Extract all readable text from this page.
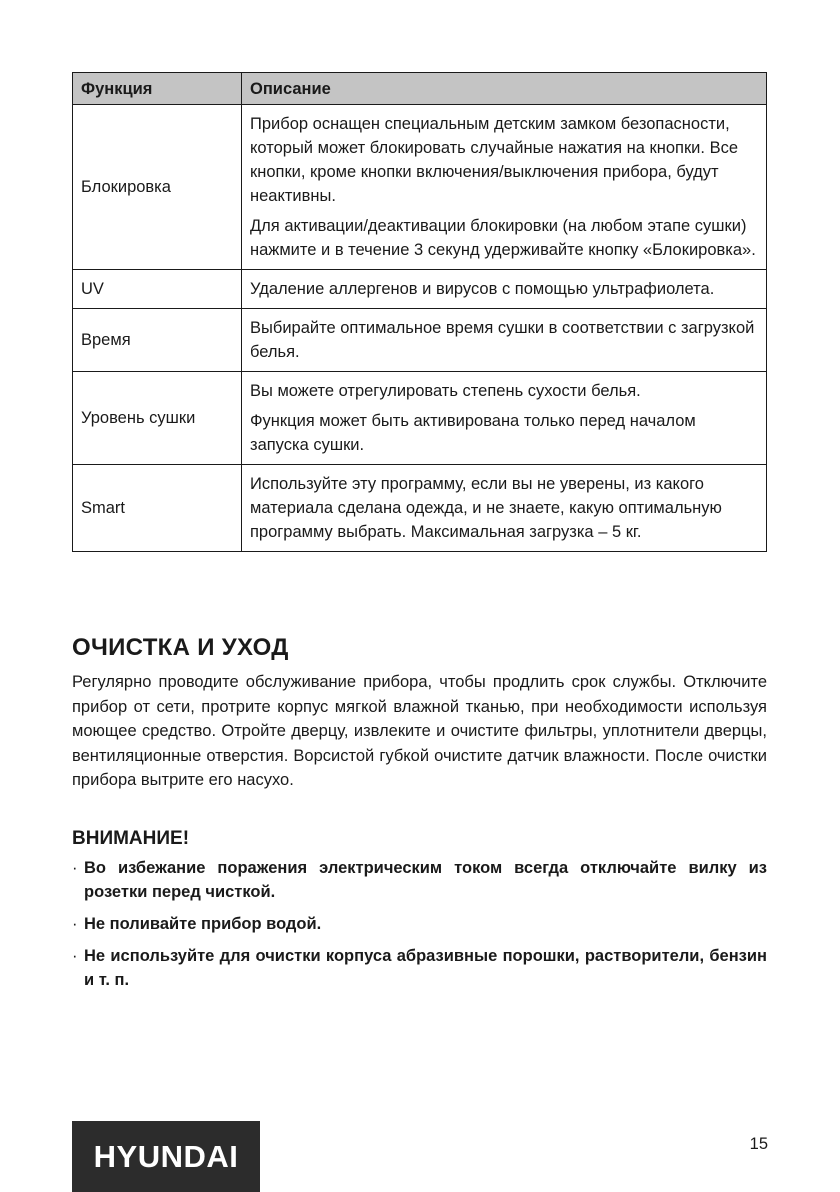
Функция	Описание
Блокировка	Прибор оснащен специальным детским замком безопасности, который может блокировать случайные нажатия на кнопки. Все кнопки, кроме кнопки включения/выключения прибора, будут неактивны.

Для активации/деактивации блокировки (на любом этапе сушки) нажмите и в течение 3 секунд удерживайте кнопку «Блокировка».

UV	Удаление аллергенов и вирусов с помощью ультрафиолета.

Время	Выбирайте оптимальное время сушки в соответствии с загрузкой белья.

Уровень сушки	Вы можете отрегулировать степень сухости белья.

Функция может быть активирована только перед началом запуска сушки.

Smart	Используйте эту программу, если вы не уверены, из какого материала сделана одежда, и не знаете, какую оптимальную программу выбрать. Максимальная загрузка – 5 кг.

ОЧИСТКА И УХОД

Регулярно проводите обслуживание прибора, чтобы продлить срок службы. Отключите прибор от сети, протрите корпус мягкой влажной тканью, при необходимости используя моющее средство. Отройте дверцу, извлеките и очистите фильтры, уплотнители дверцы, вентиляционные отверстия. Ворсистой губкой очистите датчик влажности. После очистки прибора вытрите его насухо.

ВНИМАНИЕ!
· Во избежание поражения электрическим током всегда отключайте вилку из розетки перед чисткой.
· Не поливайте прибор водой.
· Не используйте для очистки корпуса абразивные порошки, растворители, бензин и т. п.
HYUNDAI	15
